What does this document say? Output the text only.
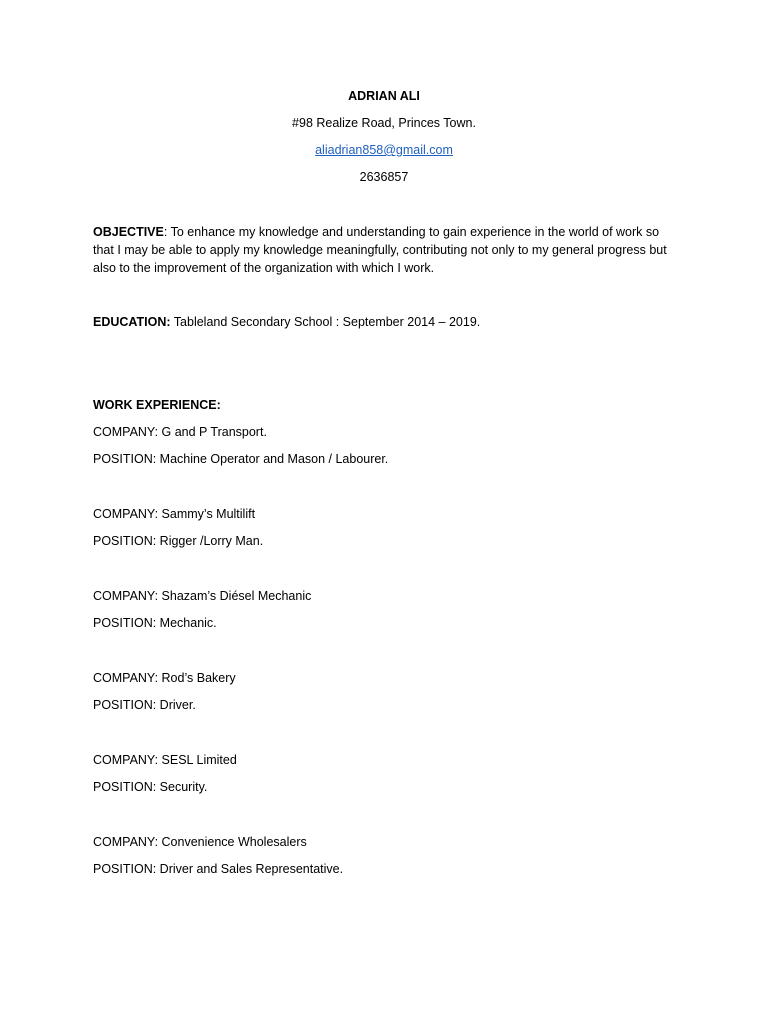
ADRIAN ALI
#98 Realize Road, Princes Town.
aliadrian858@gmail.com
2636857
OBJECTIVE: To enhance my knowledge and understanding to gain experience in the world of work so that I may be able to apply my knowledge meaningfully, contributing not only to my general progress but also to the improvement of the organization with which I work.
EDUCATION: Tableland Secondary School : September 2014 – 2019.
WORK EXPERIENCE:
COMPANY: G and P Transport.
POSITION: Machine Operator and Mason / Labourer.
COMPANY: Sammy’s Multilift
POSITION: Rigger /Lorry Man.
COMPANY: Shazam’s Diésel Mechanic
POSITION: Mechanic.
COMPANY: Rod’s Bakery
POSITION: Driver.
COMPANY: SESL Limited
POSITION: Security.
COMPANY: Convenience Wholesalers
POSITION: Driver and Sales Representative.
